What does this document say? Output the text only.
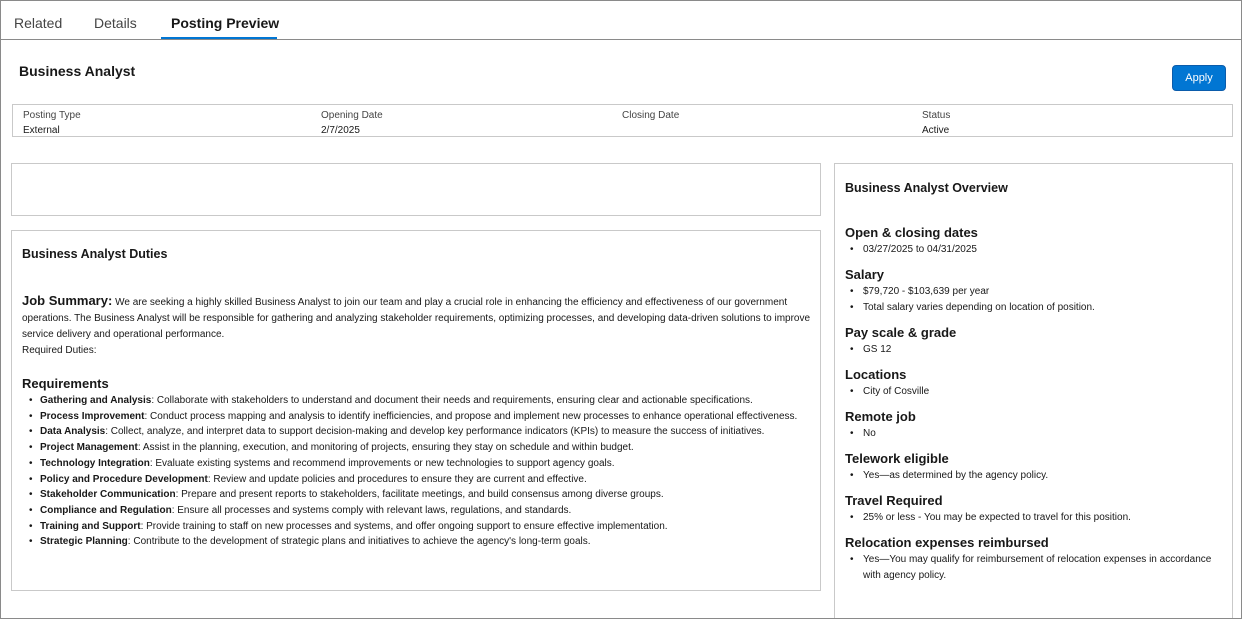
Related Details Posting Preview
Business Analyst	Apply
Posting Type
External
Opening Date
2/7/2025
Closing Date	Status
Active
Business Analyst Duties
Job Summary: We are seeking a highly skilled Business Analyst to join our team and play a crucial role in enhancing the efficiency and effectiveness of our government operations. The Business Analyst will be responsible for gathering and analyzing stakeholder requirements, optimizing processes, and developing data-driven solutions to improve service delivery and operational performance.
Required Duties:
Requirements
• Gathering and Analysis: Collaborate with stakeholders to understand and document their needs and requirements, ensuring clear and actionable specifications.
• Process Improvement: Conduct process mapping and analysis to identify inefficiencies, and propose and implement new processes to enhance operational effectiveness.
• Data Analysis: Collect, analyze, and interpret data to support decision-making and develop key performance indicators (KPIs) to measure the success of initiatives.
• Project Management: Assist in the planning, execution, and monitoring of projects, ensuring they stay on schedule and within budget.
• Technology Integration: Evaluate existing systems and recommend improvements or new technologies to support agency goals.
• Policy and Procedure Development: Review and update policies and procedures to ensure they are current and effective.
• Stakeholder Communication: Prepare and present reports to stakeholders, facilitate meetings, and build consensus among diverse groups.
• Compliance and Regulation: Ensure all processes and systems comply with relevant laws, regulations, and standards.
• Training and Support: Provide training to staff on new processes and systems, and offer ongoing support to ensure effective implementation.
• Strategic Planning: Contribute to the development of strategic plans and initiatives to achieve the agency's long-term goals.
Business Analyst Overview
Open & closing dates
• 03/27/2025 to 04/31/2025
Salary
• $79,720 - $103,639 per year
• Total salary varies depending on location of position.
Pay scale & grade
• GS 12
Locations
• City of Cosville
Remote job
• No
Telework eligible
• Yes—as determined by the agency policy.
Travel Required
• 25% or less - You may be expected to travel for this position.
Relocation expenses reimbursed
• Yes—You may qualify for reimbursement of relocation expenses in accordance with agency policy.
